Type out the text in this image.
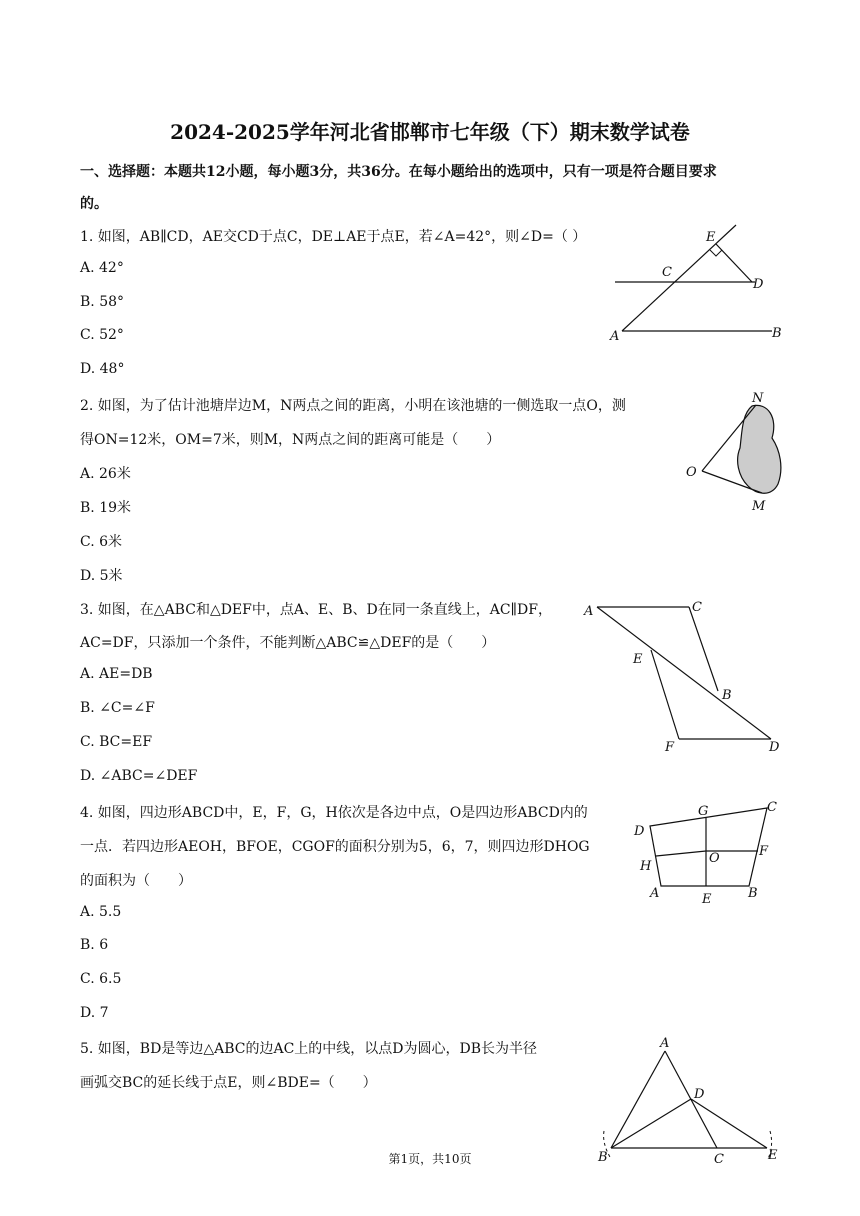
2024-2025学年河北省邯郸市七年级（下）期末数学试卷
一、选择题：本题共12小题，每小题3分，共36分。在每小题给出的选项中，只有一项是符合题目要求
的。
1. 如图，AB∥CD，AE交CD于点C，DE⊥AE于点E，若∠A=42°，则∠D=（ ）
A. 42°
B. 58°
C. 52°
D. 48°
E
C
D
A	B
2. 如图，为了估计池塘岸边M，N两点之间的距离，小明在该池塘的一侧选取一点O，测
得ON=12米，OM=7米，则M，N两点之间的距离可能是（　　）
A. 26米
B. 19米
C. 6米
D. 5米
N
O
M
3. 如图，在△ABC和△DEF中，点A、E、B、D在同一条直线上，AC∥DF，
AC=DF，只添加一个条件，不能判断△ABC≌△DEF的是（　　）
A. AE=DB
B. ∠C=∠F
C. BC=EF
D. ∠ABC=∠DEF
A	C
E
B
F	D
4. 如图，四边形ABCD中，E，F，G，H依次是各边中点，O是四边形ABCD内的
一点．若四边形AEOH，BFOE，CGOF的面积分别为5，6，7，则四边形DHOG
的面积为（　　）
A. 5.5
B. 6
C. 6.5
D. 7
G	C
D
F
O
H
A	E	B
5. 如图，BD是等边△ABC的边AC上的中线，以点D为圆心，DB长为半径
画弧交BC的延长线于点E，则∠BDE=（　　）
A
D
B	C	E
第1页，共10页
